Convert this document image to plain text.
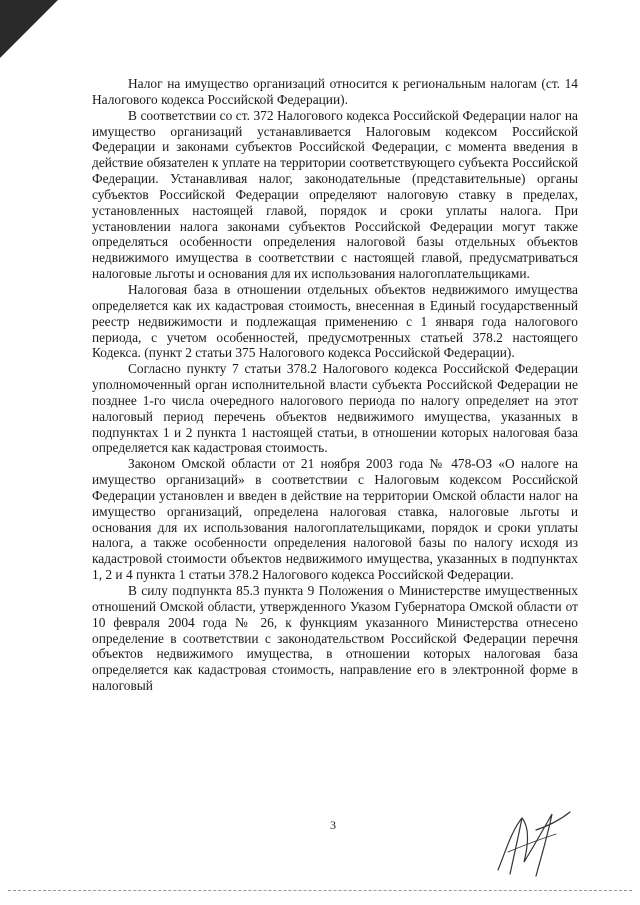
Налог на имущество организаций относится к региональным налогам (ст. 14 Налогового кодекса Российской Федерации).

В соответствии со ст. 372 Налогового кодекса Российской Федерации налог на имущество организаций устанавливается Налоговым кодексом Российской Федерации и законами субъектов Российской Федерации, с момента введения в действие обязателен к уплате на территории соответствующего субъекта Российской Федерации. Устанавливая налог, законодательные (представительные) органы субъектов Российской Федерации определяют налоговую ставку в пределах, установленных настоящей главой, порядок и сроки уплаты налога. При установлении налога законами субъектов Российской Федерации могут также определяться особенности определения налоговой базы отдельных объектов недвижимого имущества в соответствии с настоящей главой, предусматриваться налоговые льготы и основания для их использования налогоплательщиками.

Налоговая база в отношении отдельных объектов недвижимого имущества определяется как их кадастровая стоимость, внесенная в Единый государственный реестр недвижимости и подлежащая применению с 1 января года налогового периода, с учетом особенностей, предусмотренных статьей 378.2 настоящего Кодекса. (пункт 2 статьи 375 Налогового кодекса Российской Федерации).

Согласно пункту 7 статьи 378.2 Налогового кодекса Российской Федерации уполномоченный орган исполнительной власти субъекта Российской Федерации не позднее 1-го числа очередного налогового периода по налогу определяет на этот налоговый период перечень объектов недвижимого имущества, указанных в подпунктах 1 и 2 пункта 1 настоящей статьи, в отношении которых налоговая база определяется как кадастровая стоимость.

Законом Омской области от 21 ноября 2003 года № 478-ОЗ «О налоге на имущество организаций» в соответствии с Налоговым кодексом Российской Федерации установлен и введен в действие на территории Омской области налог на имущество организаций, определена налоговая ставка, налоговые льготы и основания для их использования налогоплательщиками, порядок и сроки уплаты налога, а также особенности определения налоговой базы по налогу исходя из кадастровой стоимости объектов недвижимого имущества, указанных в подпунктах 1, 2 и 4 пункта 1 статьи 378.2 Налогового кодекса Российской Федерации.

В силу подпункта 85.3 пункта 9 Положения о Министерстве имущественных отношений Омской области, утвержденного Указом Губернатора Омской области от 10 февраля 2004 года № 26, к функциям указанного Министерства отнесено определение в соответствии с законодательством Российской Федерации перечня объектов недвижимого имущества, в отношении которых налоговая база определяется как кадастровая стоимость, направление его в электронной форме в налоговый

3
